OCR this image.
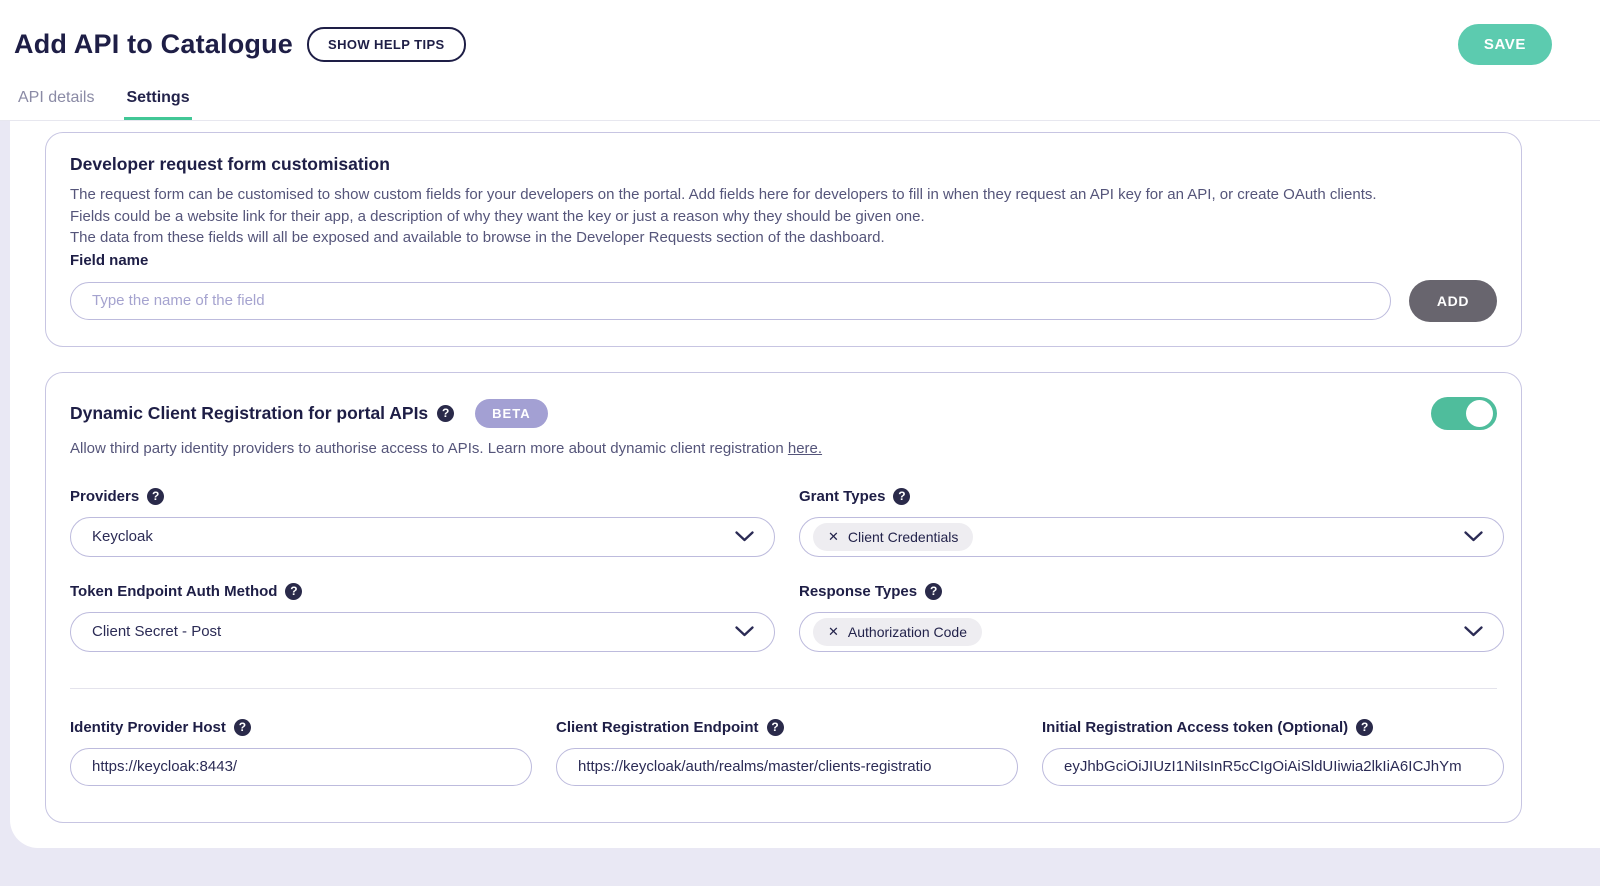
Add API to Catalogue	SHOW HELP TIPS	SAVE
API details Settings
Developer request form customisation
The request form can be customised to show custom fields for your developers on the portal. Add fields here for developers to fill in when they request an API key for an API, or create OAuth clients.
Fields could be a website link for their app, a description of why they want the key or just a reason why they should be given one.
The data from these fields will all be exposed and available to browse in the Developer Requests section of the dashboard.
Field name
Type the name of the field
ADD
Dynamic Client Registration for portal APIs	?	BETA
Allow third party identity providers to authorise access to APIs. Learn more about dynamic client registration here.
Providers	?
Keycloak
Grant Types	?
✕ Client Credentials
Token Endpoint Auth Method	?
Client Secret - Post
Response Types	?
✕ Authorization Code
Identity Provider Host	?
https://keycloak:8443/	Client Registration Endpoint	?
https://keycloak/auth/realms/master/clients-registratio	Initial Registration Access token (Optional)	?
eyJhbGciOiJIUzI1NiIsInR5cCIgOiAiSldUIiwia2lkIiA6ICJhYm
